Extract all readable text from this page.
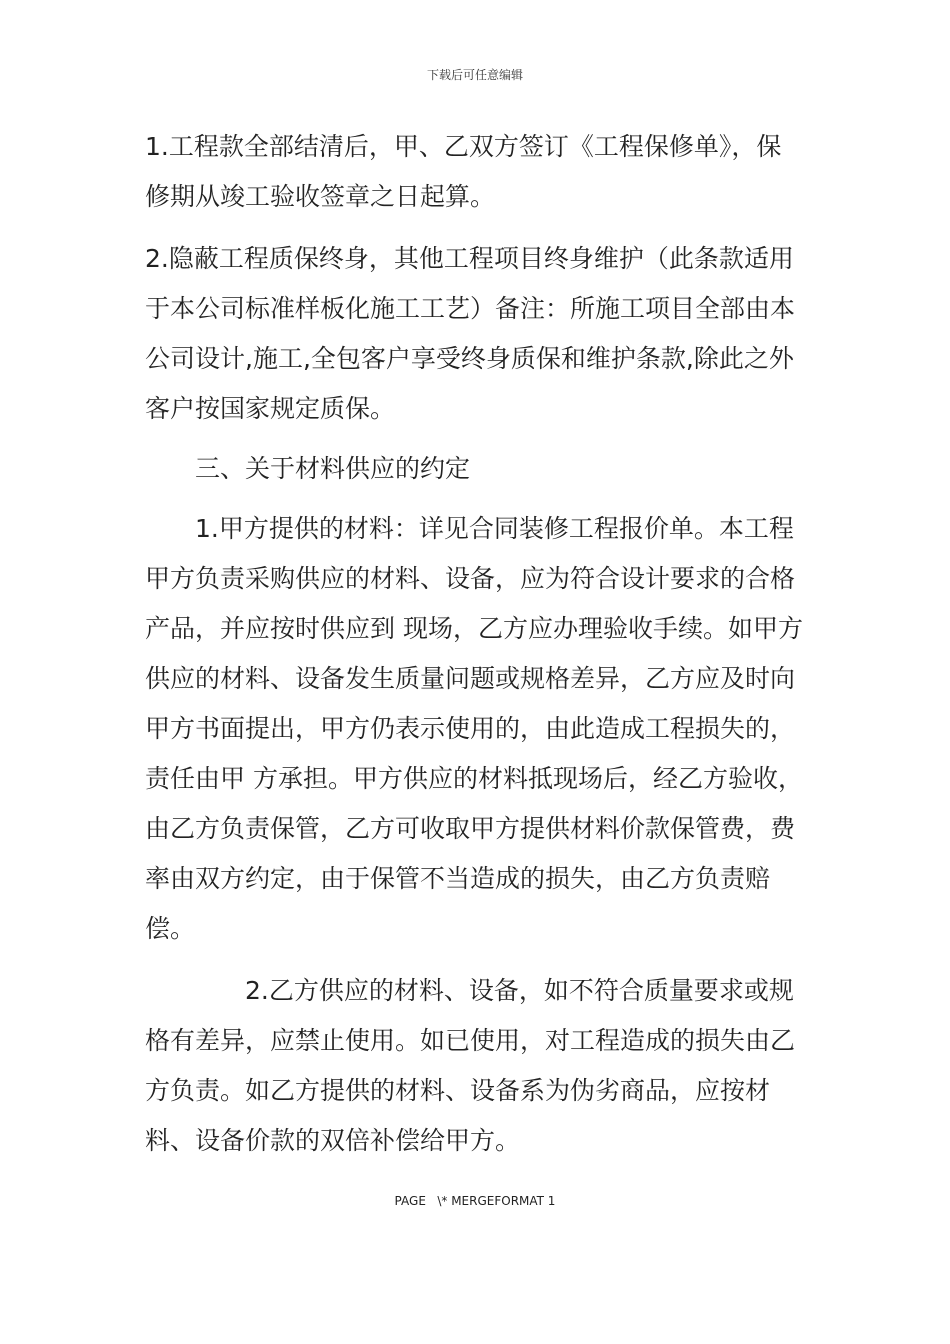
下载后可任意编辑

1.工程款全部结清后，甲、乙双方签订《工程保修单》，保修期从竣工验收签章之日起算。

2.隐蔽工程质保终身，其他工程项目终身维护（此条款适用于本公司标准样板化施工工艺）备注：所施工项目全部由本公司设计,施工,全包客户享受终身质保和维护条款,除此之外客户按国家规定质保。

　　三、关于材料供应的约定

　　1.甲方提供的材料：详见合同装修工程报价单。本工程甲方负责采购供应的材料、设备，应为符合设计要求的合格产品，并应按时供应到 现场，乙方应办理验收手续。如甲方供应的材料、设备发生质量问题或规格差异，乙方应及时向甲方书面提出，甲方仍表示使用的，由此造成工程损失的，责任由甲 方承担。甲方供应的材料抵现场后，经乙方验收，由乙方负责保管，乙方可收取甲方提供材料价款保管费，费率由双方约定，由于保管不当造成的损失，由乙方负责赔偿。

　　　　2.乙方供应的材料、设备，如不符合质量要求或规格有差异，应禁止使用。如已使用，对工程造成的损失由乙方负责。如乙方提供的材料、设备系为伪劣商品，应按材料、设备价款的双倍补偿给甲方。

PAGE   \* MERGEFORMAT 1
